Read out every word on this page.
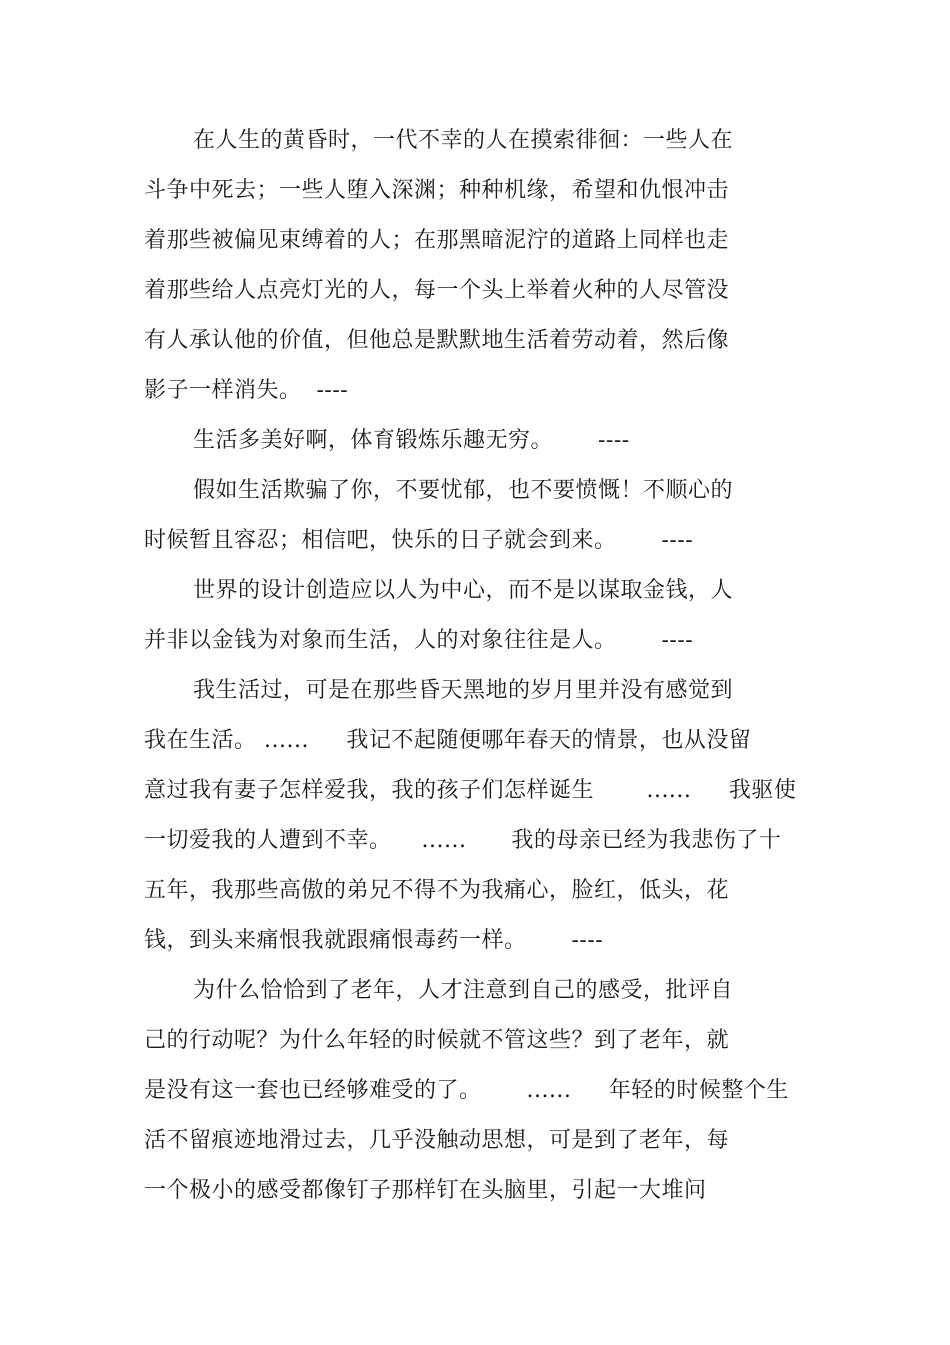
在人生的黄昏时，一代不幸的人在摸索徘徊：一些人在
斗争中死去；一些人堕入深渊；种种机缘，希望和仇恨冲击
着那些被偏见束缚着的人；在那黑暗泥泞的道路上同样也走
着那些给人点亮灯光的人，每一个头上举着火种的人尽管没
有人承认他的价值，但他总是默默地生活着劳动着，然后像
影子一样消失。  ----
生活多美好啊，体育锻炼乐趣无穷。      ----
假如生活欺骗了你，不要忧郁，也不要愤慨！不顺心的
时候暂且容忍；相信吧，快乐的日子就会到来。      ----
世界的设计创造应以人为中心，而不是以谋取金钱，人
并非以金钱为对象而生活，人的对象往往是人。      ----
我生活过，可是在那些昏天黑地的岁月里并没有感觉到
我在生活。 ......     我记不起随便哪年春天的情景，也从没留
意过我有妻子怎样爱我，我的孩子们怎样诞生       ......     我驱使
一切爱我的人遭到不幸。    ......      我的母亲已经为我悲伤了十
五年，我那些高傲的弟兄不得不为我痛心，脸红，低头，花
钱，到头来痛恨我就跟痛恨毒药一样。      ----
为什么恰恰到了老年，人才注意到自己的感受，批评自
己的行动呢？为什么年轻的时候就不管这些？到了老年，就
是没有这一套也已经够难受的了。      ......     年轻的时候整个生
活不留痕迹地滑过去，几乎没触动思想，可是到了老年，每
一个极小的感受都像钉子那样钉在头脑里，引起一大堆问
